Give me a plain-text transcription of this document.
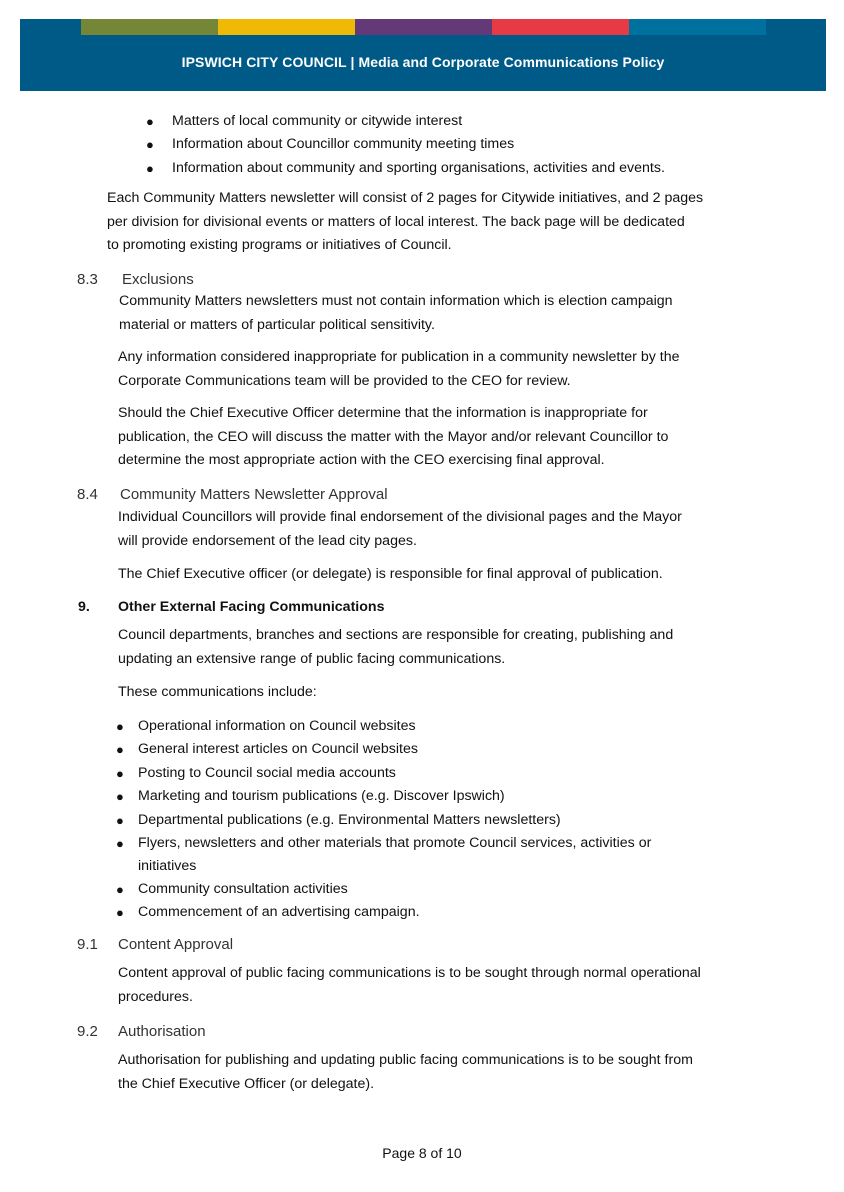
IPSWICH CITY COUNCIL | Media and Corporate Communications Policy
● Matters of local community or citywide interest
● Information about Councillor community meeting times
● Information about community and sporting organisations, activities and events.
Each Community Matters newsletter will consist of 2 pages for Citywide initiatives, and 2 pages
per division for divisional events or matters of local interest. The back page will be dedicated
to promoting existing programs or initiatives of Council.
8.3 Exclusions
Community Matters newsletters must not contain information which is election campaign
material or matters of particular political sensitivity.
Any information considered inappropriate for publication in a community newsletter by the
Corporate Communications team will be provided to the CEO for review.
Should the Chief Executive Officer determine that the information is inappropriate for
publication, the CEO will discuss the matter with the Mayor and/or relevant Councillor to
determine the most appropriate action with the CEO exercising final approval.
8.4 Community Matters Newsletter Approval
Individual Councillors will provide final endorsement of the divisional pages and the Mayor
will provide endorsement of the lead city pages.
The Chief Executive officer (or delegate) is responsible for final approval of publication.
9. Other External Facing Communications
Council departments, branches and sections are responsible for creating, publishing and
updating an extensive range of public facing communications.
These communications include:
● Operational information on Council websites
● General interest articles on Council websites
● Posting to Council social media accounts
● Marketing and tourism publications (e.g. Discover Ipswich)
● Departmental publications (e.g. Environmental Matters newsletters)
● Flyers, newsletters and other materials that promote Council services, activities or
initiatives
● Community consultation activities
● Commencement of an advertising campaign.
9.1 Content Approval
Content approval of public facing communications is to be sought through normal operational
procedures.
9.2 Authorisation
Authorisation for publishing and updating public facing communications is to be sought from
the Chief Executive Officer (or delegate).
Page 8 of 10
